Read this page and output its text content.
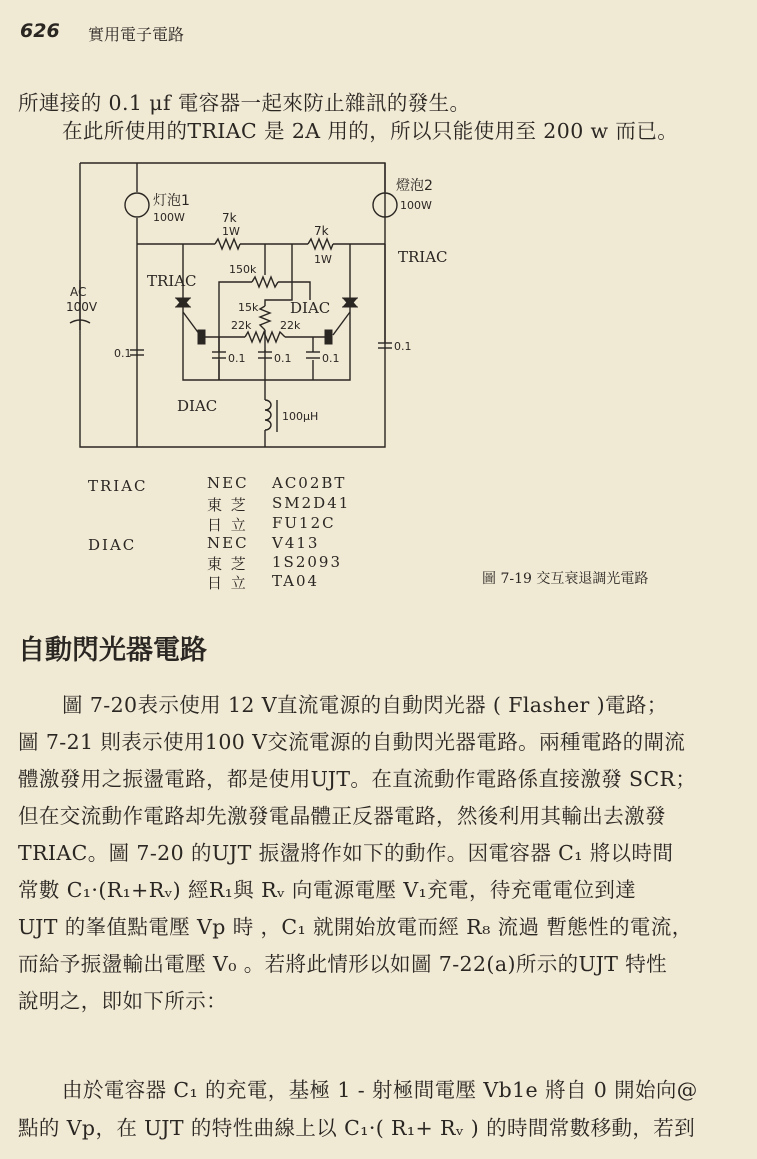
626 實用電子電路
所連接的 0.1 μf 電容器一起來防止雜訊的發生。
在此所使用的TRIAC 是 2A 用的，所以只能使用至 200 w 而已。
AC
100V
灯泡1
100W
燈泡2
100W
7k
1W	7k
1W
150k
15k
22k	22k
TRIAC
TRIAC
DIAC
DIAC
0.1
0.1
0.1	0.1	0.1
100μH
TRIAC
DIAC
NEC AC02BT
東 芝 SM2D41
日 立 FU12C
NEC V413
東 芝 1S2093
日 立 TA04	圖 7-19 交互衰退調光電路
自動閃光器電路
圖 7-20表示使用 12 V直流電源的自動閃光器 ( Flasher )電路；
圖 7-21 則表示使用100 V交流電源的自動閃光器電路。兩種電路的閘流
體激發用之振盪電路，都是使用UJT。在直流動作電路係直接激發 SCR；
但在交流動作電路却先激發電晶體正反器電路，然後利用其輸出去激發
TRIAC。圖 7-20 的UJT 振盪將作如下的動作。因電容器 C₁ 將以時間
常數 C₁·(R₁+Rᵥ) 經R₁與 Rᵥ 向電源電壓 V₁充電，待充電電位到達
UJT 的峯值點電壓 Vp 時 ，C₁ 就開始放電而經 R₈ 流過 暫態性的電流，
而給予振盪輸出電壓 V₀ 。若將此情形以如圖 7-22(a)所示的UJT 特性
說明之，即如下所示：
由於電容器 C₁ 的充電，基極 1 - 射極間電壓 Vb1e 將自 0 開始向@
點的 Vp，在 UJT 的特性曲線上以 C₁·( R₁+ Rᵥ ) 的時間常數移動，若到
